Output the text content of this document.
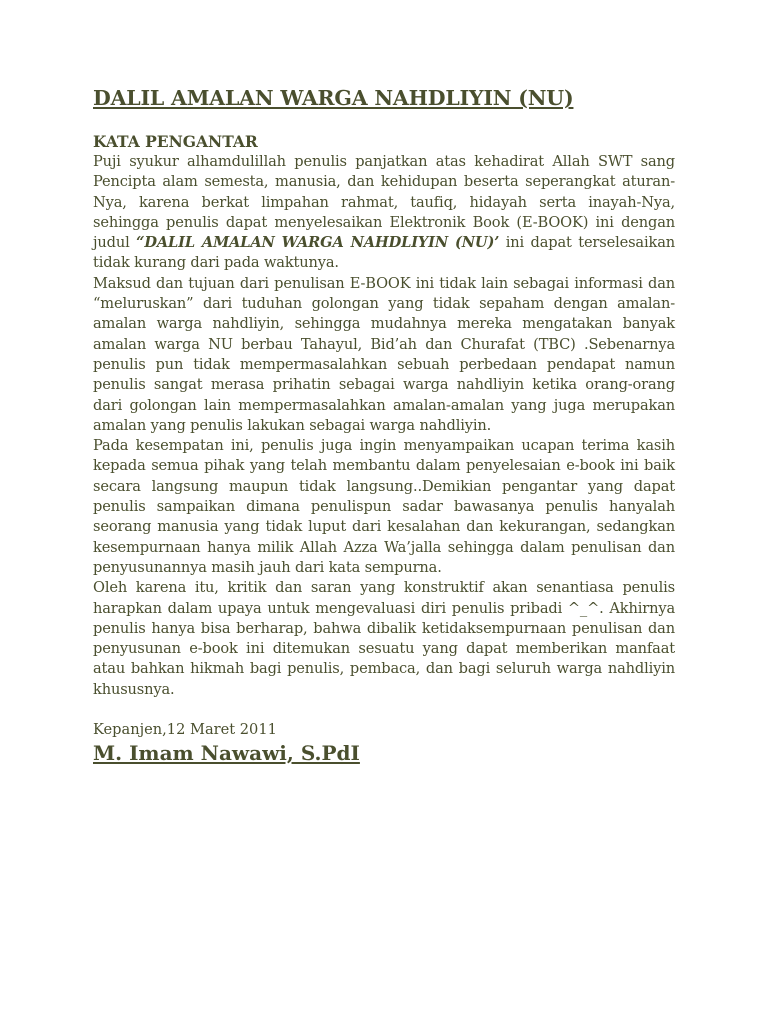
DALIL AMALAN WARGA NAHDLIYIN (NU)
KATA PENGANTAR

Puji syukur alhamdulillah penulis panjatkan atas kehadirat Allah SWT sang Pencipta alam semesta, manusia, dan kehidupan beserta seperangkat aturan-Nya, karena berkat limpahan rahmat, taufiq, hidayah serta inayah-Nya, sehingga penulis dapat menyelesaikan Elektronik Book (E-BOOK) ini dengan judul “DALIL AMALAN WARGA NAHDLIYIN (NU)’ ini dapat terselesaikan tidak kurang dari pada waktunya.

Maksud dan tujuan dari penulisan E-BOOK ini tidak lain sebagai informasi dan “meluruskan” dari tuduhan golongan yang tidak sepaham dengan amalan-amalan warga nahdliyin, sehingga mudahnya mereka mengatakan banyak amalan warga NU berbau Tahayul, Bid’ah dan Churafat (TBC) .Sebenarnya penulis pun tidak mempermasalahkan sebuah perbedaan pendapat namun penulis sangat merasa prihatin sebagai warga nahdliyin ketika orang-orang dari golongan lain mempermasalahkan amalan-amalan yang juga merupakan amalan yang penulis lakukan sebagai warga nahdliyin.

Pada kesempatan ini, penulis juga ingin menyampaikan ucapan terima kasih kepada semua pihak yang telah membantu dalam penyelesaian e-book ini baik secara langsung maupun tidak langsung..Demikian pengantar yang dapat penulis sampaikan dimana penulispun sadar bawasanya penulis hanyalah seorang manusia yang tidak luput dari kesalahan dan kekurangan, sedangkan kesempurnaan hanya milik Allah Azza Wa’jalla sehingga dalam penulisan dan penyusunannya masih jauh dari kata sempurna.

Oleh karena itu, kritik dan saran yang konstruktif akan senantiasa penulis harapkan dalam upaya untuk mengevaluasi diri penulis pribadi ^_^. Akhirnya penulis hanya bisa berharap, bahwa dibalik ketidaksempurnaan penulisan dan penyusunan e-book ini ditemukan sesuatu yang dapat memberikan manfaat atau bahkan hikmah bagi penulis, pembaca, dan bagi seluruh warga nahdliyin khususnya.

Kepanjen,12 Maret 2011

M. Imam Nawawi, S.PdI
